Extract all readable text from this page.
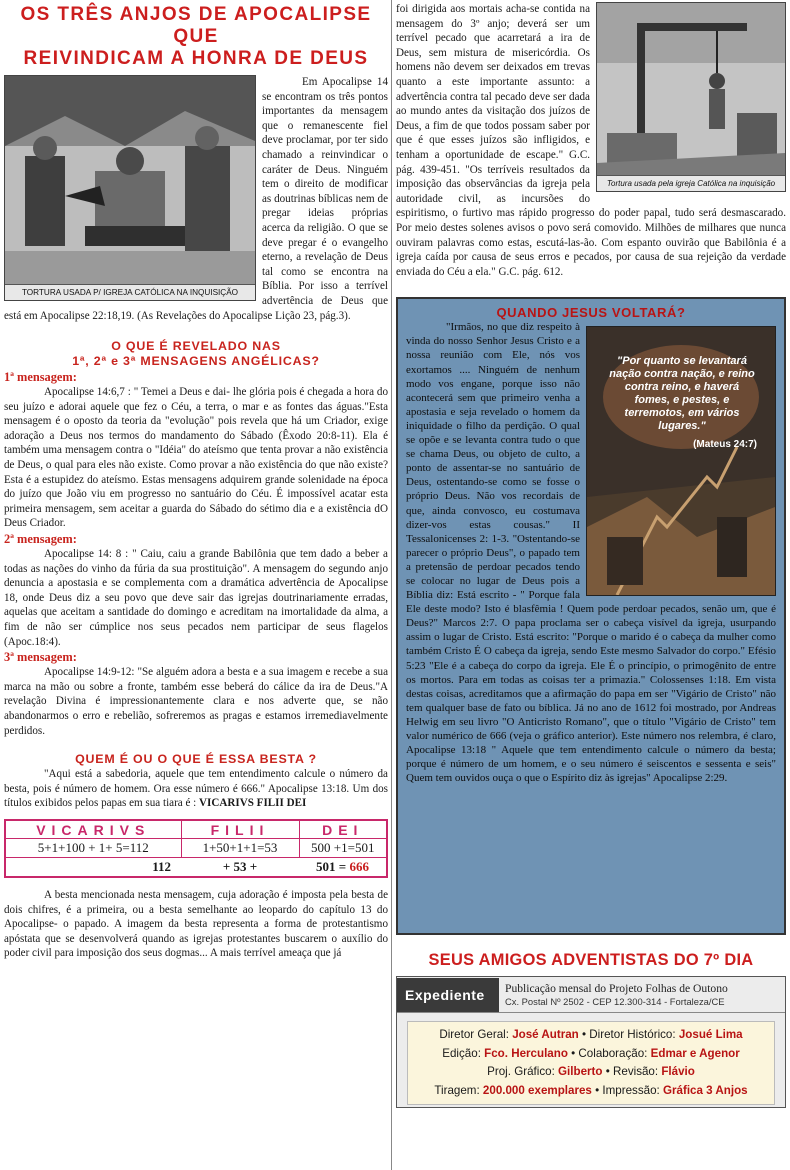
OS TRÊS ANJOS DE APOCALIPSE QUE
REIVINDICAM A HONRA DE DEUS
TORTURA USADA P/ IGREJA CATÓLICA NA INQUISIÇÃO

Em Apocalipse 14 se encontram os três pontos importantes da mensagem que o remanescente fiel deve proclamar, por ter sido chamado a reinvindicar o caráter de Deus. Ninguém tem o direito de modificar as doutrinas bíblicas nem de pregar ideias próprias acerca da religião. O que se deve pregar é o evangelho eterno, a revelação de Deus tal como se encontra na Bíblia. Por isso a terrível advertência de Deus que está em Apocalipse 22:18,19. (As Revelações do Apocalipse Lição 23, pág.3).

O QUE É REVELADO NAS
1ª, 2ª e 3ª MENSAGENS ANGÉLICAS?
1ª mensagem:

Apocalipse 14:6,7 : " Temei a Deus e dai- lhe glória pois é chegada a hora do seu juízo e adorai aquele que fez o Céu, a terra, o mar e as fontes das águas."Esta mensagem é o oposto da teoria da "evolução" pois revela que há um Criador, exige adoração a Deus nos termos do mandamento do Sábado (Êxodo 20:8-11). Ela é também uma mensagem contra o "Idéia" do ateísmo que tenta provar a não existência de Deus, o qual para eles não existe. Como provar a não existência do que não existe? Esta é a estupidez do ateísmo. Estas mensagens adquirem grande solenidade na época do juízo que João viu em progresso no santuário do Céu. É impossível acatar esta primeira mensagem, sem aceitar a guarda do Sábado do sétimo dia e a existência dO Deus Criador.

2ª mensagem:

Apocalipse 14: 8 : " Caiu, caiu a grande Babilônia que tem dado a beber a todas as nações do vinho da fúria da sua prostituição". A mensagem do segundo anjo denuncia a apostasia e se complementa com a dramática advertência de Apocalipse 18, onde Deus diz a seu povo que deve sair das igrejas doutrinariamente erradas, aquelas que aceitam a santidade do domingo e acreditam na imortalidade da alma, a fim de não ser cúmplice nos seus pecados nem participar de seus flagelos (Apoc.18:4).

3ª mensagem:

Apocalipse 14:9-12: "Se alguém adora a besta e a sua imagem e recebe a sua marca na mão ou sobre a fronte, também esse beberá do cálice da ira de Deus."A revelação Divina é impressionantemente clara e nos adverte que, se não abandonarmos o erro e rebelião, sofreremos as pragas e estamos irremediavelmente perdidos.

QUEM É OU O QUE É ESSA BESTA ?

"Aqui está a sabedoria, aquele que tem entendimento calcule o número da besta, pois é número de homem. Ora esse número é 666." Apocalipse 13:18. Um dos títulos exibidos pelos papas em sua tiara é : VICARIVS FILII DEI

VICARIVS	FILII	DEI
5+1+100 + 1+ 5=112	1+50+1+1=53	500 +1=501
112	+ 53 +	501 = 666

A besta mencionada nesta mensagem, cuja adoração é imposta pela besta de dois chifres, é a primeira, ou a besta semelhante ao leopardo do capítulo 13 do Apocalipse- o papado. A imagem da besta representa a forma de protestantismo apóstata que se desenvolverá quando as igrejas protestantes buscarem o auxílio do poder civil para imposição dos seus dogmas... A mais terrível ameaça que já

Tortura usada pela igreja Católica na inquisição

foi dirigida aos mortais acha-se contida na mensagem do 3º anjo; deverá ser um terrível pecado que acarretará a ira de Deus, sem mistura de misericórdia. Os homens não devem ser deixados em trevas quanto a este importante assunto: a advertência contra tal pecado deve ser dada ao mundo antes da visitação dos juízos de Deus, a fim de que todos possam saber por que é que esses juízos são infligidos, e tenham a oportunidade de escape." G.C. pág. 439-451. "Os terríveis resultados da imposição das observâncias da igreja pela autoridade civil, as incursões do espiritismo, o furtivo mas rápido progresso do poder papal, tudo será desmascarado. Por meio destes solenes avisos o povo será comovido. Milhões de milhares que nunca ouviram palavras como estas, escutá-las-ão. Com espanto ouvirão que Babilônia é a igreja caída por causa de seus erros e pecados, por causa de sua rejeição da verdade enviada do Céu a ela." G.C. pág. 612.

QUANDO JESUS VOLTARÁ?
"Por quanto se levantará nação contra nação, e reino contra reino, e haverá fomes, e pestes, e terremotos, em vários lugares."
(Mateus 24:7)

"Irmãos, no que diz respeito à vinda do nosso Senhor Jesus Cristo e a nossa reunião com Ele, nós vos exortamos .... Ninguém de nenhum modo vos engane, porque isso não acontecerá sem que primeiro venha a apostasia e seja revelado o homem da iniquidade o filho da perdição. O qual se opõe e se levanta contra tudo o que se chama Deus, ou objeto de culto, a ponto de assentar-se no santuário de Deus, ostentando-se como se fosse o próprio Deus. Não vos recordais de que, ainda convosco, eu costumava dizer-vos estas cousas." II Tessalonicenses 2: 1-3. "Ostentando-se parecer o próprio Deus", o papado tem a pretensão de perdoar pecados tendo se colocar no lugar de Deus pois a Bíblia diz: Está escrito - " Porque fala Ele deste modo? Isto é blasfêmia ! Quem pode perdoar pecados, senão um, que é Deus?" Marcos 2:7. O papa proclama ser o cabeça visível da igreja, usurpando assim o lugar de Cristo. Está escrito: "Porque o marido é o cabeça da mulher como também Cristo É O cabeça da igreja, sendo Este mesmo Salvador do corpo." Efésio 5:23 "Ele é a cabeça do corpo da igreja. Ele É o princípio, o primogênito de entre os mortos. Para em todas as coisas ter a primazia." Colossenses 1:18. Em vista destas coisas, acreditamos que a afirmação do papa em ser "Vigário de Cristo" não tem qualquer base de fato ou bíblica. Já no ano de 1612 foi mostrado, por Andreas Helwig em seu livro "O Anticristo Romano", que o título "Vigário de Cristo" tem valor numérico de 666 (veja o gráfico anterior). Este número nos relembra, é claro, Apocalipse 13:18 " Aquele que tem entendimento calcule o número da besta; porque é número de um homem, e o seu número é seiscentos e sessenta e seis" Quem tem ouvidos ouça o que o Espírito diz às igrejas" Apocalipse 2:29.

SEUS AMIGOS ADVENTISTAS DO 7º DIA
Expediente	Publicação mensal do Projeto Folhas de Outono
Cx. Postal Nº 2502 - CEP 12.300-314 - Fortaleza/CE
Diretor Geral: José Autran • Diretor Histórico: Josué Lima
Edição: Fco. Herculano • Colaboração: Edmar e Agenor
Proj. Gráfico: Gilberto • Revisão: Flávio
Tiragem: 200.000 exemplares • Impressão: Gráfica 3 Anjos
